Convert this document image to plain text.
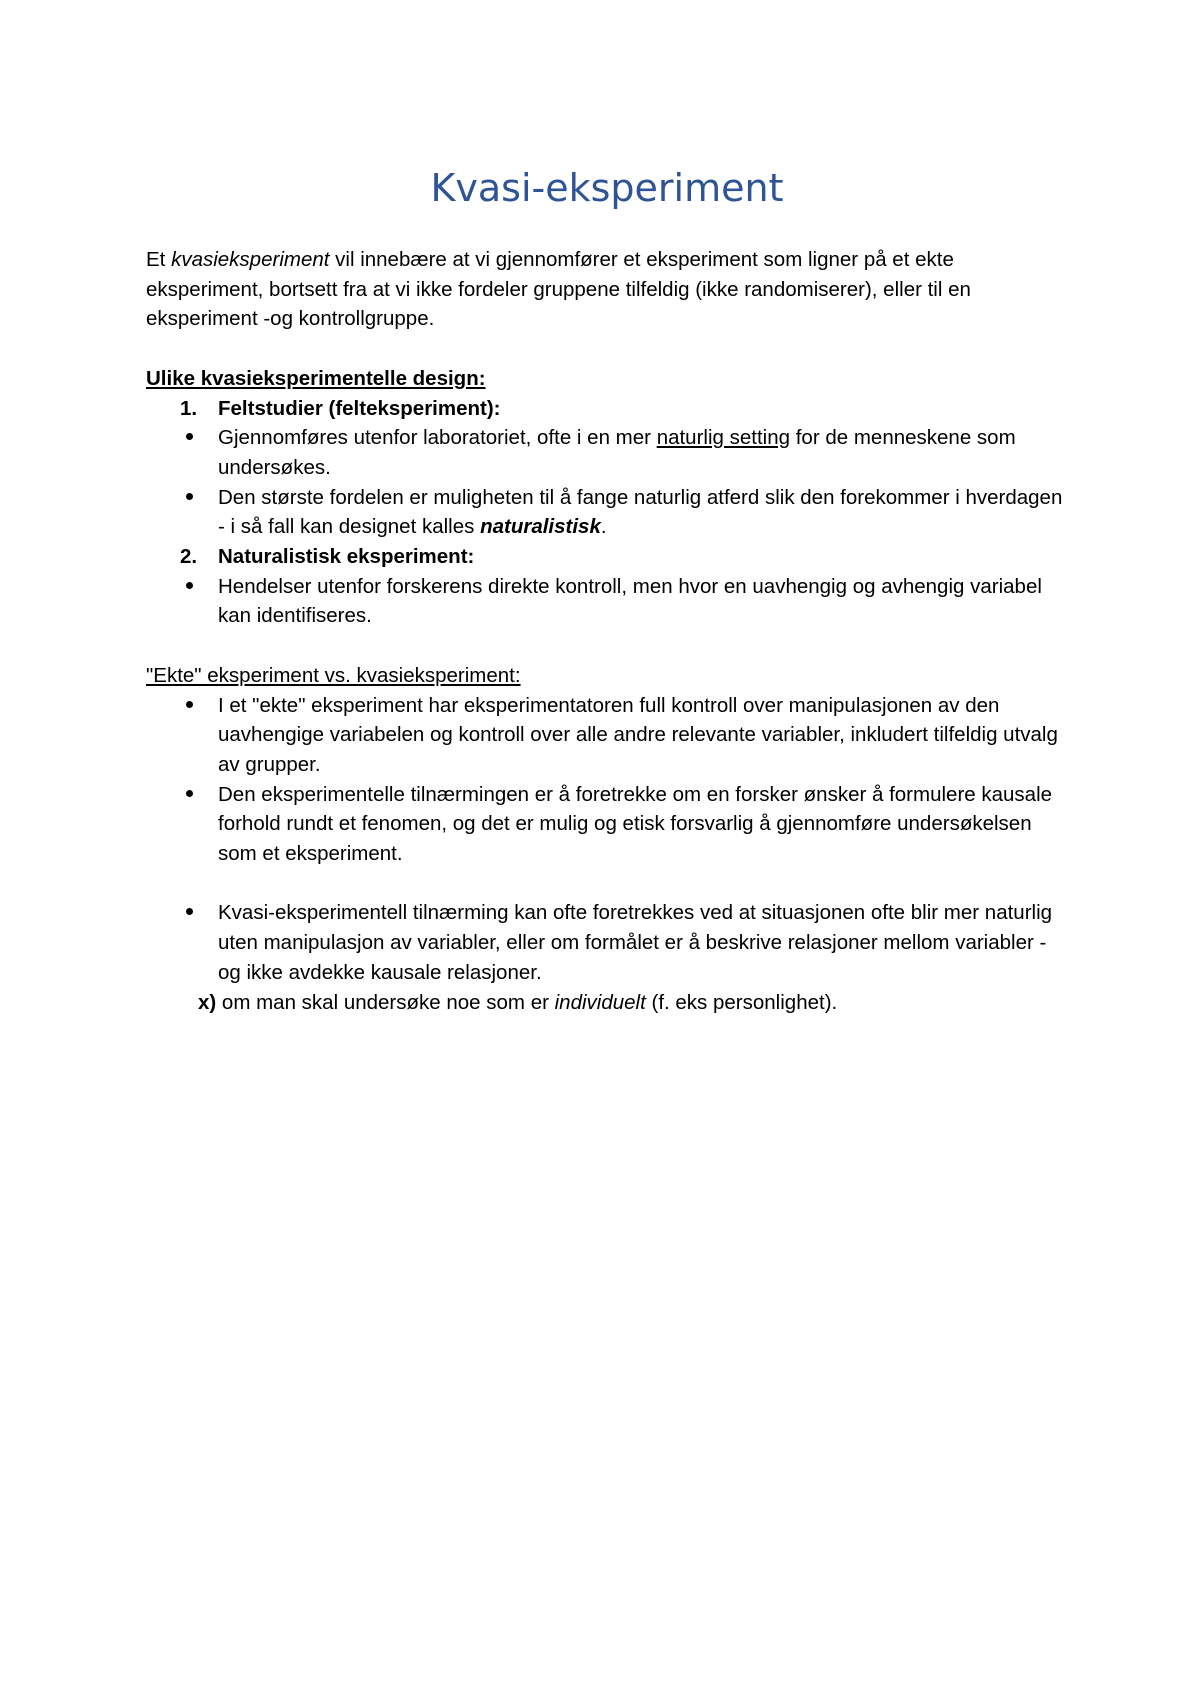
Kvasi-eksperiment

Et kvasieksperiment vil innebære at vi gjennomfører et eksperiment som ligner på et ekte eksperiment, bortsett fra at vi ikke fordeler gruppene tilfeldig (ikke randomiserer), eller til en eksperiment -og kontrollgruppe.

Ulike kvasieksperimentelle design:

1.	Feltstudier (felteksperiment):

Gjennomføres utenfor laboratoriet, ofte i en mer naturlig setting for de menneskene som undersøkes.

Den største fordelen er muligheten til å fange naturlig atferd slik den forekommer i hverdagen - i så fall kan designet kalles naturalistisk.

2.	Naturalistisk eksperiment:

Hendelser utenfor forskerens direkte kontroll, men hvor en uavhengig og avhengig variabel kan identifiseres.

"Ekte" eksperiment vs. kvasieksperiment:

I et "ekte" eksperiment har eksperimentatoren full kontroll over manipulasjonen av den uavhengige variabelen og kontroll over alle andre relevante variabler, inkludert tilfeldig utvalg av grupper.

Den eksperimentelle tilnærmingen er å foretrekke om en forsker ønsker å formulere kausale forhold rundt et fenomen, og det er mulig og etisk forsvarlig å gjennomføre undersøkelsen som et eksperiment.

Kvasi-eksperimentell tilnærming kan ofte foretrekkes ved at situasjonen ofte blir mer naturlig uten manipulasjon av variabler, eller om formålet er å beskrive relasjoner mellom variabler - og ikke avdekke kausale relasjoner.

x) om man skal undersøke noe som er individuelt (f. eks personlighet).
